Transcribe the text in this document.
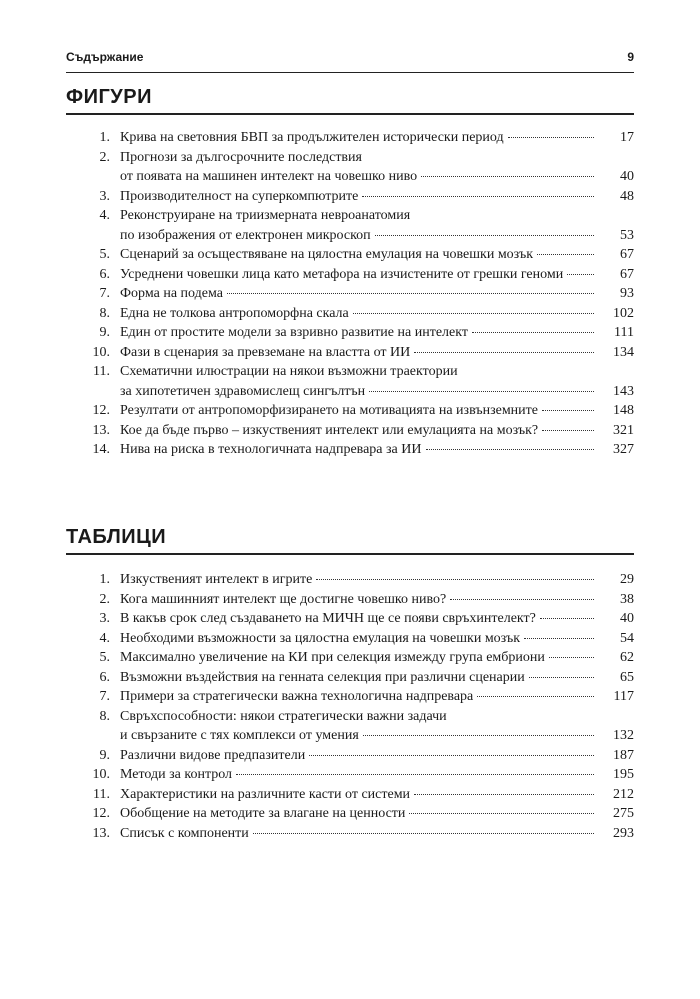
Съдържание	9
ФИГУРИ
1. Крива на световния БВП за продължителен исторически период	17
2. Прогнози за дългосрочните последствия
от появата на машинен интелект на човешко ниво	40
3. Производителност на суперкомпютрите	48
4. Реконструиране на триизмерната невроанатомия
по изображения от електронен микроскоп	53
5. Сценарий за осъществяване на цялостна емулация на човешки мозък	67
6. Усреднени човешки лица като метафора на изчистените от грешки геноми	67
7. Форма на подема	93
8. Една не толкова антропоморфна скала	102
9. Един от простите модели за взривно развитие на интелект	111
10. Фази в сценария за превземане на властта от ИИ	134
11. Схематични илюстрации на някои възможни траектории
за хипотетичен здравомислещ сингълтън	143
12. Резултати от антропоморфизирането на мотивацията на извънземните	148
13. Кое да бъде първо – изкуственият интелект или емулацията на мозък?	321
14. Нива на риска в технологичната надпревара за ИИ	327
ТАБЛИЦИ
1. Изкуственият интелект в игрите	29
2. Кога машинният интелект ще достигне човешко ниво?	38
3. В какъв срок след създаването на МИЧН ще се появи свръхинтелект?	40
4. Необходими възможности за цялостна емулация на човешки мозък	54
5. Максимално увеличение на КИ при селекция измежду група ембриони	62
6. Възможни въздействия на генната селекция при различни сценарии	65
7. Примери за стратегически важна технологична надпревара	117
8. Свръхспособности: някои стратегически важни задачи
и свързаните с тях комплекси от умения	132
9. Различни видове предпазители	187
10. Методи за контрол	195
11. Характеристики на различните касти от системи	212
12. Обобщение на методите за влагане на ценности	275
13. Списък с компоненти	293
